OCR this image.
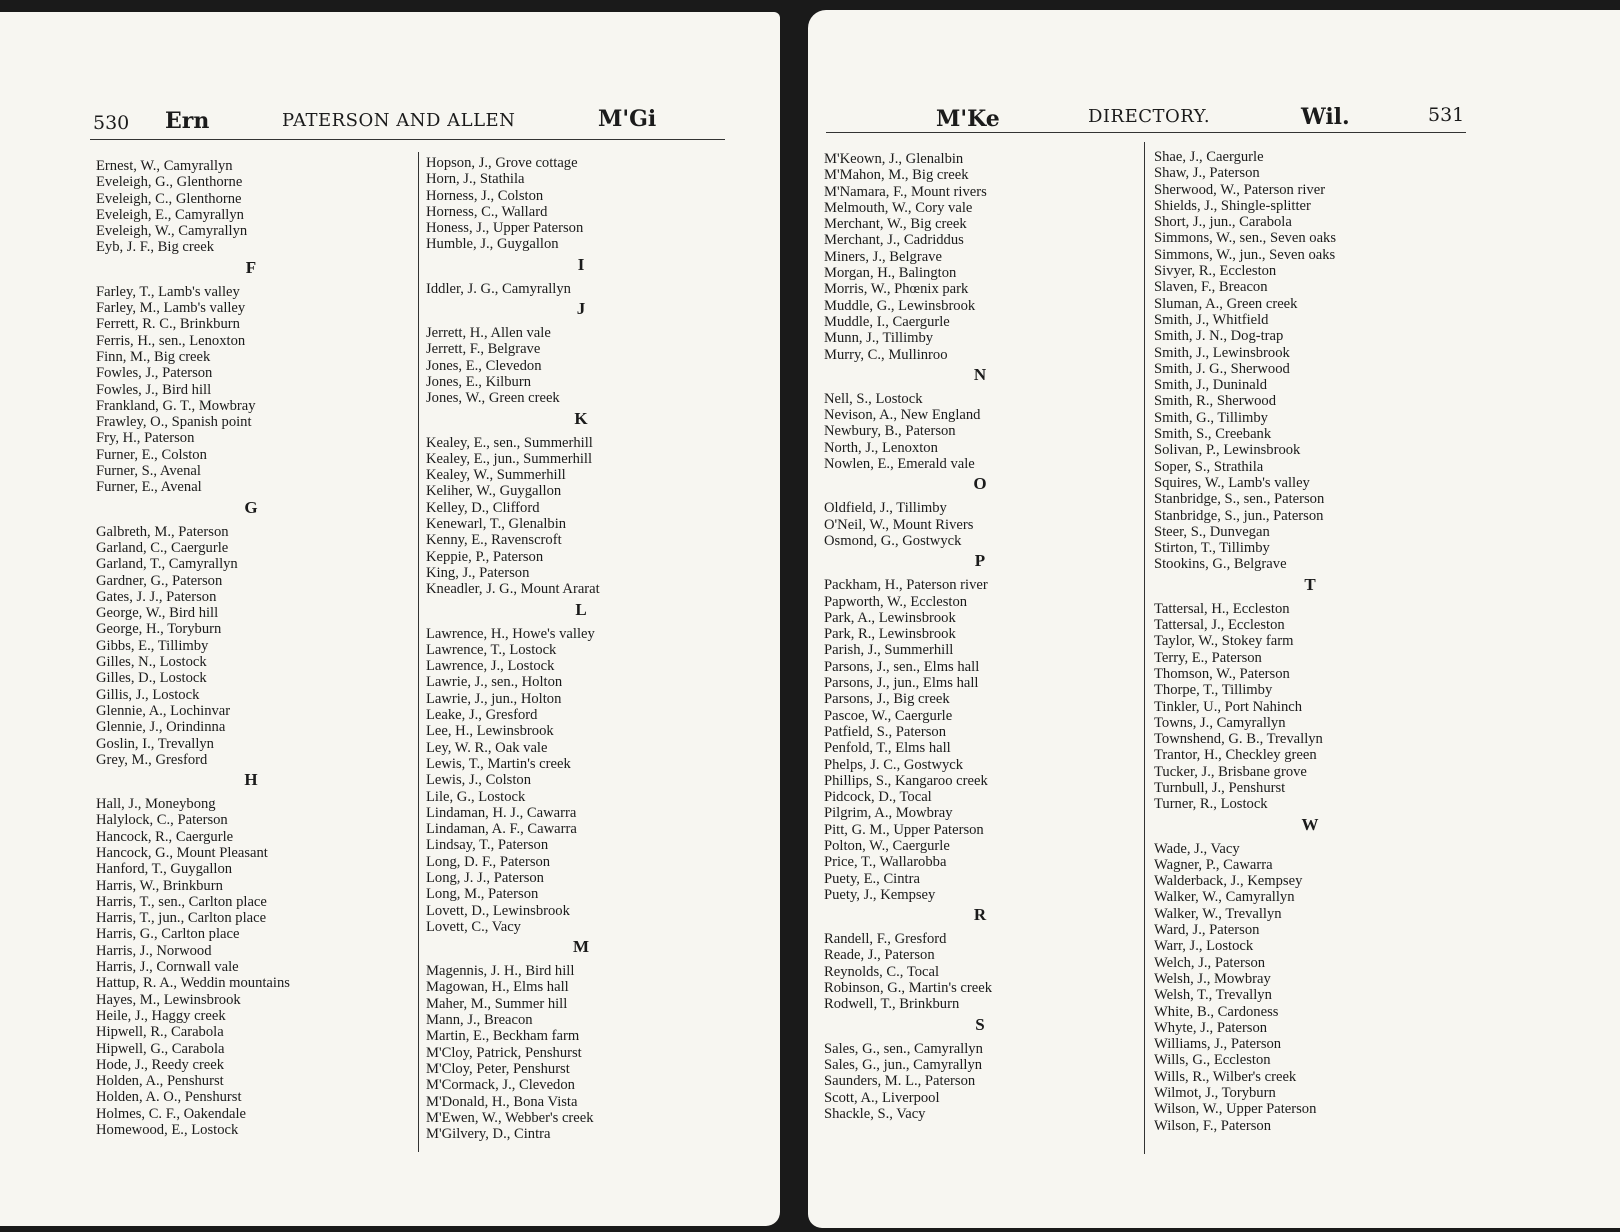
530 Ern	PATERSON AND ALLEN	M'Gi
Ernest, W., Camyrallyn
Eveleigh, G., Glenthorne
Eveleigh, C., Glenthorne
Eveleigh, E., Camyrallyn
Eveleigh, W., Camyrallyn
Eyb, J. F., Big creek
F
Farley, T., Lamb's valley
Farley, M., Lamb's valley
Ferrett, R. C., Brinkburn
Ferris, H., sen., Lenoxton
Finn, M., Big creek
Fowles, J., Paterson
Fowles, J., Bird hill
Frankland, G. T., Mowbray
Frawley, O., Spanish point
Fry, H., Paterson
Furner, E., Colston
Furner, S., Avenal
Furner, E., Avenal
G
Galbreth, M., Paterson
Garland, C., Caergurle
Garland, T., Camyrallyn
Gardner, G., Paterson
Gates, J. J., Paterson
George, W., Bird hill
George, H., Toryburn
Gibbs, E., Tillimby
Gilles, N., Lostock
Gilles, D., Lostock
Gillis, J., Lostock
Glennie, A., Lochinvar
Glennie, J., Orindinna
Goslin, I., Trevallyn
Grey, M., Gresford
H
Hall, J., Moneybong
Halylock, C., Paterson
Hancock, R., Caergurle
Hancock, G., Mount Pleasant
Hanford, T., Guygallon
Harris, W., Brinkburn
Harris, T., sen., Carlton place
Harris, T., jun., Carlton place
Harris, G., Carlton place
Harris, J., Norwood
Harris, J., Cornwall vale
Hattup, R. A., Weddin mountains
Hayes, M., Lewinsbrook
Heile, J., Haggy creek
Hipwell, R., Carabola
Hipwell, G., Carabola
Hode, J., Reedy creek
Holden, A., Penshurst
Holden, A. O., Penshurst
Holmes, C. F., Oakendale
Homewood, E., Lostock
Hopson, J., Grove cottage
Horn, J., Stathila
Horness, J., Colston
Horness, C., Wallard
Honess, J., Upper Paterson
Humble, J., Guygallon
I
Iddler, J. G., Camyrallyn
J
Jerrett, H., Allen vale
Jerrett, F., Belgrave
Jones, E., Clevedon
Jones, E., Kilburn
Jones, W., Green creek
K
Kealey, E., sen., Summerhill
Kealey, E., jun., Summerhill
Kealey, W., Summerhill
Keliher, W., Guygallon
Kelley, D., Clifford
Kenewarl, T., Glenalbin
Kenny, E., Ravenscroft
Keppie, P., Paterson
King, J., Paterson
Kneadler, J. G., Mount Ararat
L
Lawrence, H., Howe's valley
Lawrence, T., Lostock
Lawrence, J., Lostock
Lawrie, J., sen., Holton
Lawrie, J., jun., Holton
Leake, J., Gresford
Lee, H., Lewinsbrook
Ley, W. R., Oak vale
Lewis, T., Martin's creek
Lewis, J., Colston
Lile, G., Lostock
Lindaman, H. J., Cawarra
Lindaman, A. F., Cawarra
Lindsay, T., Paterson
Long, D. F., Paterson
Long, J. J., Paterson
Long, M., Paterson
Lovett, D., Lewinsbrook
Lovett, C., Vacy
M
Magennis, J. H., Bird hill
Magowan, H., Elms hall
Maher, M., Summer hill
Mann, J., Breacon
Martin, E., Beckham farm
M'Cloy, Patrick, Penshurst
M'Cloy, Peter, Penshurst
M'Cormack, J., Clevedon
M'Donald, H., Bona Vista
M'Ewen, W., Webber's creek
M'Gilvery, D., Cintra
M'Ke	DIRECTORY.	Wil.	531
M'Keown, J., Glenalbin
M'Mahon, M., Big creek
M'Namara, F., Mount rivers
Melmouth, W., Cory vale
Merchant, W., Big creek
Merchant, J., Cadriddus
Miners, J., Belgrave
Morgan, H., Balington
Morris, W., Phœnix park
Muddle, G., Lewinsbrook
Muddle, I., Caergurle
Munn, J., Tillimby
Murry, C., Mullinroo
N
Nell, S., Lostock
Nevison, A., New England
Newbury, B., Paterson
North, J., Lenoxton
Nowlen, E., Emerald vale
O
Oldfield, J., Tillimby
O'Neil, W., Mount Rivers
Osmond, G., Gostwyck
P
Packham, H., Paterson river
Papworth, W., Eccleston
Park, A., Lewinsbrook
Park, R., Lewinsbrook
Parish, J., Summerhill
Parsons, J., sen., Elms hall
Parsons, J., jun., Elms hall
Parsons, J., Big creek
Pascoe, W., Caergurle
Patfield, S., Paterson
Penfold, T., Elms hall
Phelps, J. C., Gostwyck
Phillips, S., Kangaroo creek
Pidcock, D., Tocal
Pilgrim, A., Mowbray
Pitt, G. M., Upper Paterson
Polton, W., Caergurle
Price, T., Wallarobba
Puety, E., Cintra
Puety, J., Kempsey
R
Randell, F., Gresford
Reade, J., Paterson
Reynolds, C., Tocal
Robinson, G., Martin's creek
Rodwell, T., Brinkburn
S
Sales, G., sen., Camyrallyn
Sales, G., jun., Camyrallyn
Saunders, M. L., Paterson
Scott, A., Liverpool
Shackle, S., Vacy
Shae, J., Caergurle
Shaw, J., Paterson
Sherwood, W., Paterson river
Shields, J., Shingle-splitter
Short, J., jun., Carabola
Simmons, W., sen., Seven oaks
Simmons, W., jun., Seven oaks
Sivyer, R., Eccleston
Slaven, F., Breacon
Sluman, A., Green creek
Smith, J., Whitfield
Smith, J. N., Dog-trap
Smith, J., Lewinsbrook
Smith, J. G., Sherwood
Smith, J., Duninald
Smith, R., Sherwood
Smith, G., Tillimby
Smith, S., Creebank
Solivan, P., Lewinsbrook
Soper, S., Strathila
Squires, W., Lamb's valley
Stanbridge, S., sen., Paterson
Stanbridge, S., jun., Paterson
Steer, S., Dunvegan
Stirton, T., Tillimby
Stookins, G., Belgrave
T
Tattersal, H., Eccleston
Tattersal, J., Eccleston
Taylor, W., Stokey farm
Terry, E., Paterson
Thomson, W., Paterson
Thorpe, T., Tillimby
Tinkler, U., Port Nahinch
Towns, J., Camyrallyn
Townshend, G. B., Trevallyn
Trantor, H., Checkley green
Tucker, J., Brisbane grove
Turnbull, J., Penshurst
Turner, R., Lostock
W
Wade, J., Vacy
Wagner, P., Cawarra
Walderback, J., Kempsey
Walker, W., Camyrallyn
Walker, W., Trevallyn
Ward, J., Paterson
Warr, J., Lostock
Welch, J., Paterson
Welsh, J., Mowbray
Welsh, T., Trevallyn
White, B., Cardoness
Whyte, J., Paterson
Williams, J., Paterson
Wills, G., Eccleston
Wills, R., Wilber's creek
Wilmot, J., Toryburn
Wilson, W., Upper Paterson
Wilson, F., Paterson
